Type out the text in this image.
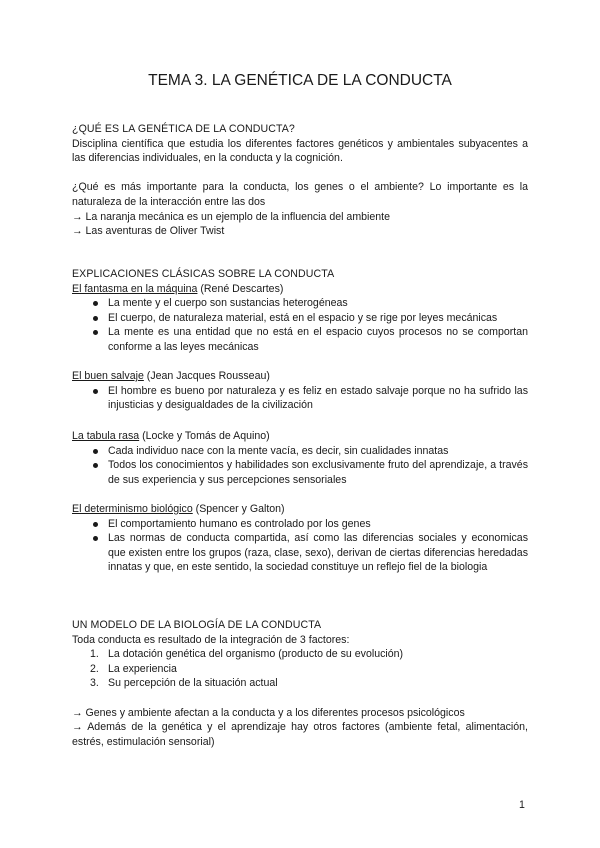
TEMA 3. LA GENÉTICA DE LA CONDUCTA

¿QUÉ ES LA GENÉTICA DE LA CONDUCTA?

Disciplina científica que estudia los diferentes factores genéticos y ambientales subyacentes a las diferencias individuales, en la conducta y la cognición.

¿Qué es más importante para la conducta, los genes o el ambiente? Lo importante es la naturaleza de la interacción entre las dos

→ La naranja mecánica es un ejemplo de la influencia del ambiente

→ Las aventuras de Oliver Twist

EXPLICACIONES CLÁSICAS SOBRE LA CONDUCTA

El fantasma en la máquina (René Descartes)

La mente y el cuerpo son sustancias heterogéneas
El cuerpo, de naturaleza material, está en el espacio y se rige por leyes mecánicas
La mente es una entidad que no está en el espacio cuyos procesos no se comportan conforme a las leyes mecánicas

El buen salvaje (Jean Jacques Rousseau)

El hombre es bueno por naturaleza y es feliz en estado salvaje porque no ha sufrido las injusticias y desigualdades de la civilización

La tabula rasa (Locke y Tomás de Aquino)

Cada individuo nace con la mente vacía, es decir, sin cualidades innatas
Todos los conocimientos y habilidades son exclusivamente fruto del aprendizaje, a través de sus experiencia y sus percepciones sensoriales

El determinismo biológico (Spencer y Galton)

El comportamiento humano es controlado por los genes
Las normas de conducta compartida, así como las diferencias sociales y economicas que existen entre los grupos (raza, clase, sexo), derivan de ciertas diferencias heredadas innatas y que, en este sentido, la sociedad constituye un reflejo fiel de la biologia

UN MODELO DE LA BIOLOGÍA DE LA CONDUCTA

Toda conducta es resultado de la integración de 3 factores:

1. La dotación genética del organismo (producto de su evolución)
2. La experiencia
3. Su percepción de la situación actual

→ Genes y ambiente afectan a la conducta y a los diferentes procesos psicológicos

→ Además de la genética y el aprendizaje hay otros factores (ambiente fetal, alimentación, estrés, estimulación sensorial)

1
